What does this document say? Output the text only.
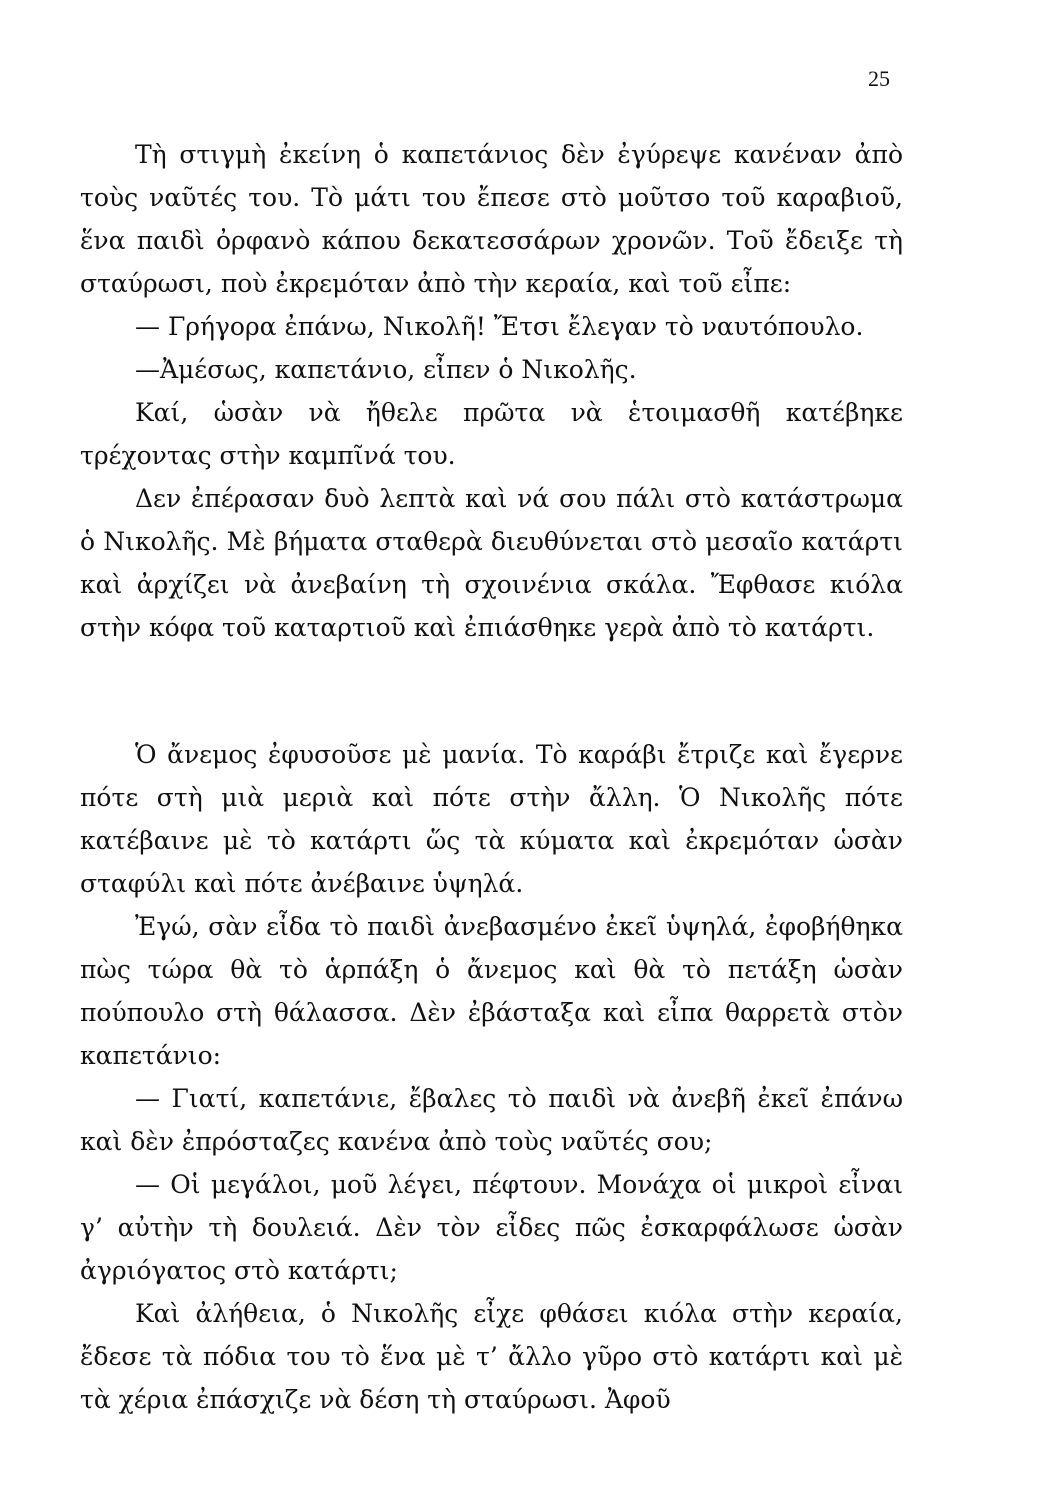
25

Τὴ στιγμὴ ἐκείνη ὁ καπετάνιος δὲν ἐγύρεψε κανέναν ἀπὸ τοὺς ναῦτές του. Τὸ μάτι του ἔπεσε στὸ μοῦτσο τοῦ καραβιοῦ, ἕνα παιδὶ ὀρφανὸ κάπου δεκατεσσάρων χρονῶν. Τοῦ ἔδειξε τὴ σταύρωσι, ποὺ ἐκρεμόταν ἀπὸ τὴν κεραία, καὶ τοῦ εἶπε:

— Γρήγορα ἐπάνω, Νικολῆ! Ἔτσι ἔλεγαν τὸ ναυτόπουλο.

—Ἀμέσως, καπετάνιο, εἶπεν ὁ Νικολῆς.

Καί, ὡσὰν νὰ ἤθελε πρῶτα νὰ ἑτοιμασθῆ κατέβηκε τρέχοντας στὴν καμπῖνά του.

Δεν ἐπέρασαν δυὸ λεπτὰ καὶ νά σου πάλι στὸ κατάστρωμα ὁ Νικολῆς. Μὲ βήματα σταθερὰ διευθύνεται στὸ μεσαῖο κατάρτι καὶ ἀρχίζει νὰ ἀνεβαίνη τὴ σχοινένια σκάλα. Ἔφθασε κιόλα στὴν κόφα τοῦ καταρτιοῦ καὶ ἐπιάσθηκε γερὰ ἀπὸ τὸ κατάρτι.

Ὁ ἄνεμος ἐφυσοῦσε μὲ μανία. Τὸ καράβι ἔτριζε καὶ ἔγερνε πότε στὴ μιὰ μεριὰ καὶ πότε στὴν ἄλλη. Ὁ Νικολῆς πότε κατέβαινε μὲ τὸ κατάρτι ὥς τὰ κύματα καὶ ἐκρεμόταν ὡσὰν σταφύλι καὶ πότε ἀνέβαινε ὑψηλά.

Ἐγώ, σὰν εἶδα τὸ παιδὶ ἀνεβασμένο ἐκεῖ ὑψηλά, ἐφοβήθηκα πὼς τώρα θὰ τὸ ἁρπάξη ὁ ἄνεμος καὶ θὰ τὸ πετάξη ὡσὰν πούπουλο στὴ θάλασσα. Δὲν ἐβάσταξα καὶ εἶπα θαρρετὰ στὸν καπετάνιο:

— Γιατί, καπετάνιε, ἔβαλες τὸ παιδὶ νὰ ἀνεβῆ ἐκεῖ ἐπάνω καὶ δὲν ἐπρόσταζες κανένα ἀπὸ τοὺς ναῦτές σου;

— Οἱ μεγάλοι, μοῦ λέγει, πέφτουν. Μονάχα οἱ μικροὶ εἶναι γ’ αὐτὴν τὴ δουλειά. Δὲν τὸν εἶδες πῶς ἐσκαρφάλωσε ὡσὰν ἀγριόγατος στὸ κατάρτι;

Καὶ ἀλήθεια, ὁ Νικολῆς εἶχε φθάσει κιόλα στὴν κεραία, ἔδεσε τὰ πόδια του τὸ ἕνα μὲ τ’ ἄλλο γῦρο στὸ κατάρτι καὶ μὲ τὰ χέρια ἐπάσχιζε νὰ δέση τὴ σταύρωσι. Ἀφοῦ
